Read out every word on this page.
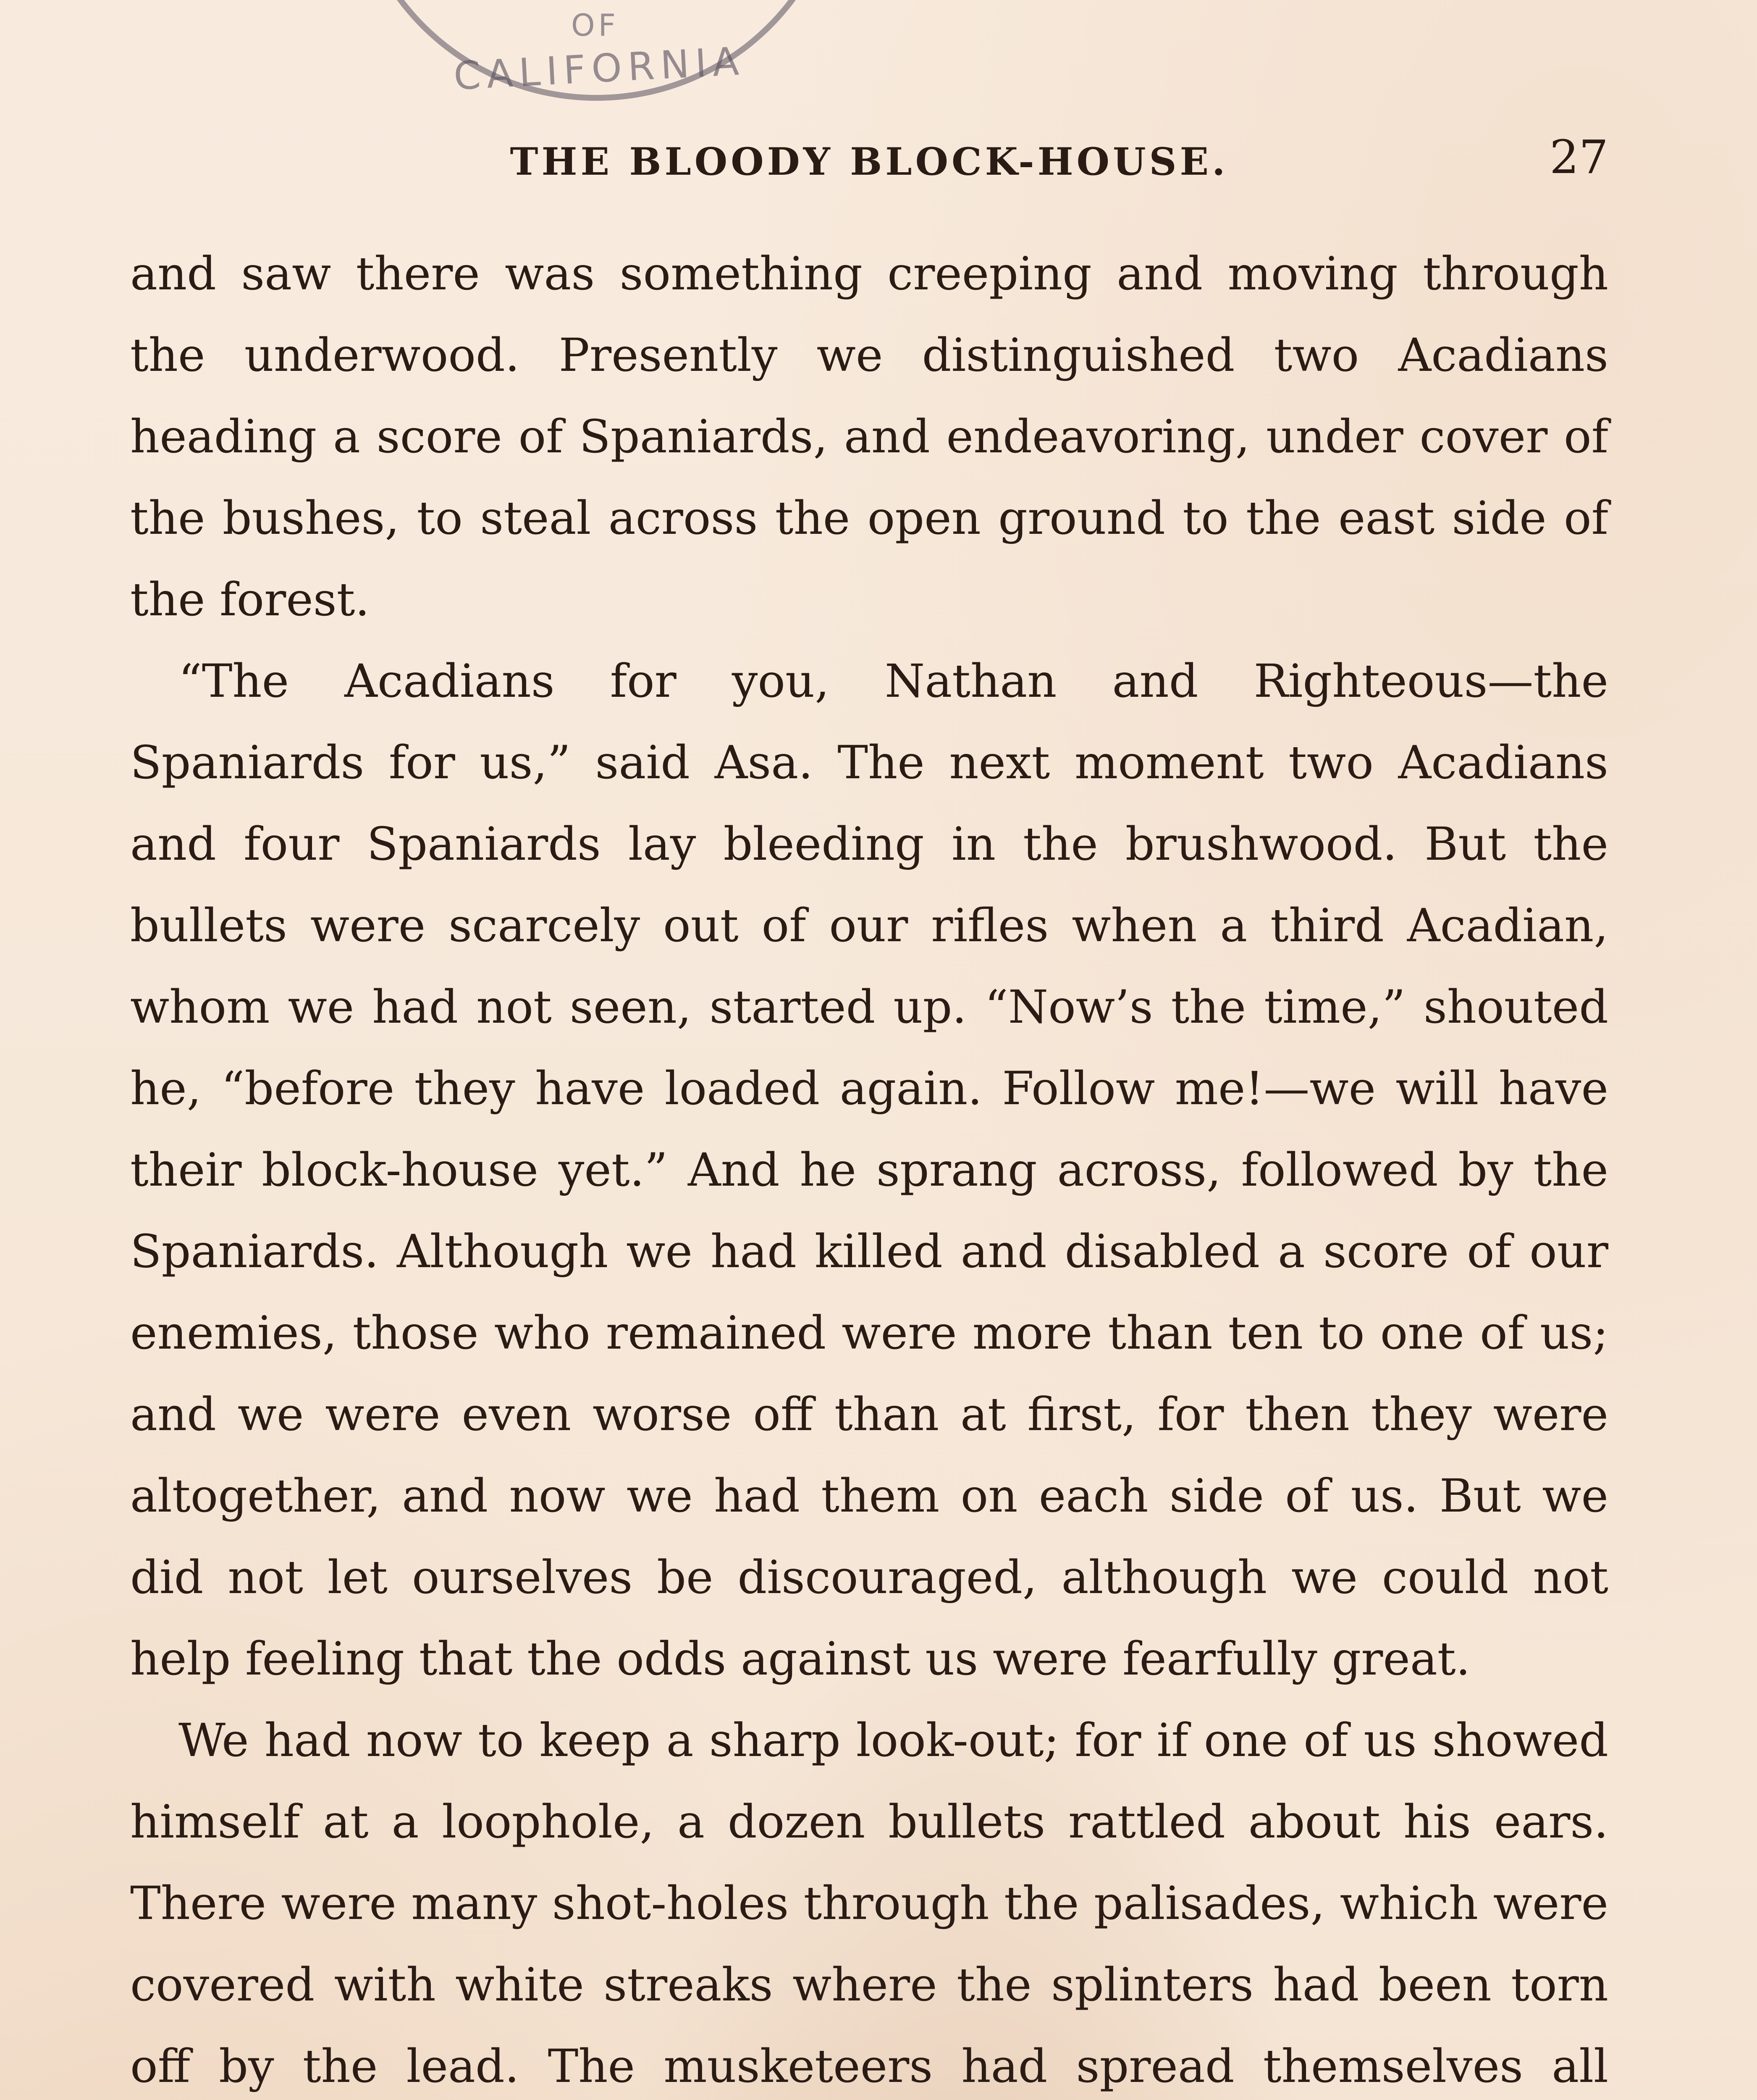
OF
CALIFORNIA
THE BLOODY BLOCK-HOUSE.	27

and saw there was something creeping and moving through the underwood. Presently we distinguished two Acadians heading a score of Spaniards, and endeavoring, under cover of the bushes, to steal across the open ground to the east side of the forest.

“The Acadians for you, Nathan and Righteous—the Spaniards for us,” said Asa. The next moment two Acadians and four Spaniards lay bleeding in the brushwood. But the bullets were scarcely out of our rifles when a third Acadian, whom we had not seen, started up. “Now’s the time,” shouted he, “before they have loaded again. Follow me!—we will have their block-house yet.” And he sprang across, followed by the Spaniards. Although we had killed and disabled a score of our enemies, those who remained were more than ten to one of us; and we were even worse off than at first, for then they were altogether, and now we had them on each side of us. But we did not let ourselves be discouraged, although we could not help feeling that the odds against us were fearfully great.

We had now to keep a sharp look-out; for if one of us showed himself at a loophole, a dozen bullets rattled about his ears. There were many shot-holes through the palisades, which were covered with white streaks where the splinters had been torn off by the lead. The musketeers had spread themselves all
